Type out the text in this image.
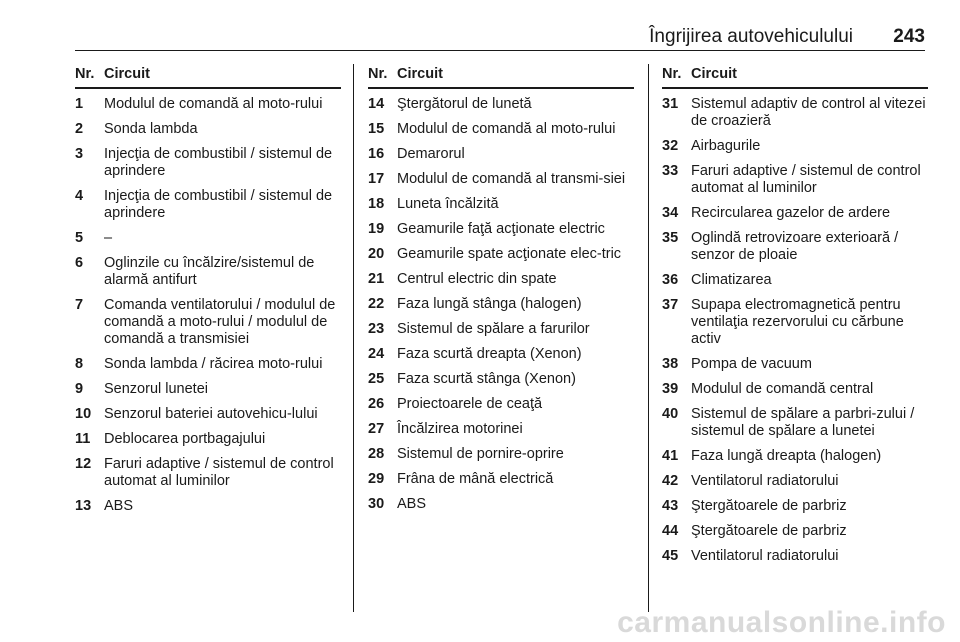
Îngrijirea autovehiculului 243
Nr. Circuit
1	Modulul de comandă al moto-rului
2	Sonda lambda
3	Injecţia de combustibil / sistemul de aprindere
4	Injecţia de combustibil / sistemul de aprindere
5	–
6	Oglinzile cu încălzire/sistemul de alarmă antifurt
7	Comanda ventilatorului / modulul de comandă a moto-rului / modulul de comandă a transmisiei
8	Sonda lambda / răcirea moto-rului
9	Senzorul lunetei
10 Senzorul bateriei autovehicu-lului
11 Deblocarea portbagajului
12 Faruri adaptive / sistemul de control automat al luminilor
13 ABS
Nr. Circuit
14 Ştergătorul de lunetă
15 Modulul de comandă al moto-rului
16 Demarorul
17 Modulul de comandă al transmi-siei
18 Luneta încălzită
19 Geamurile faţă acţionate electric
20 Geamurile spate acţionate elec-tric
21 Centrul electric din spate
22 Faza lungă stânga (halogen)
23 Sistemul de spălare a farurilor
24 Faza scurtă dreapta (Xenon)
25 Faza scurtă stânga (Xenon)
26 Proiectoarele de ceaţă
27 Încălzirea motorinei
28 Sistemul de pornire-oprire
29 Frâna de mână electrică
30 ABS
Nr. Circuit
31 Sistemul adaptiv de control al vitezei de croazieră
32 Airbagurile
33 Faruri adaptive / sistemul de control automat al luminilor
34 Recircularea gazelor de ardere
35 Oglindă retrovizoare exterioară / senzor de ploaie
36 Climatizarea
37 Supapa electromagnetică pentru ventilaţia rezervorului cu cărbune activ
38 Pompa de vacuum
39 Modulul de comandă central
40 Sistemul de spălare a parbri-zului / sistemul de spălare a lunetei
41 Faza lungă dreapta (halogen)
42 Ventilatorul radiatorului
43 Ştergătoarele de parbriz
44 Ştergătoarele de parbriz
45 Ventilatorul radiatorului
carmanualsonline.info
